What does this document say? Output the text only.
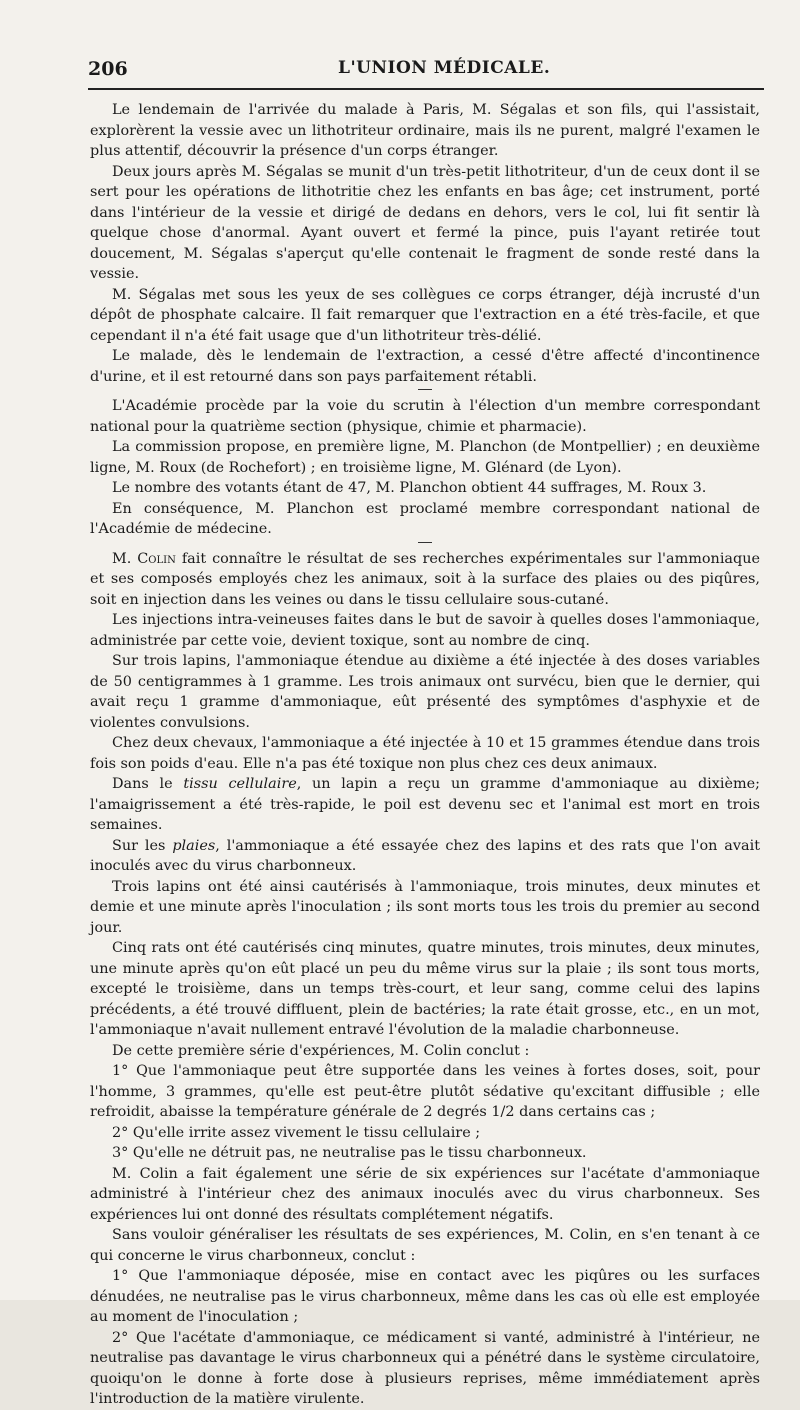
206	L'UNION MÉDICALE.

Le lendemain de l'arrivée du malade à Paris, M. Ségalas et son fils, qui l'assistait, explorèrent la vessie avec un lithotriteur ordinaire, mais ils ne purent, malgré l'examen le plus attentif, découvrir la présence d'un corps étranger.

Deux jours après M. Ségalas se munit d'un très-petit lithotriteur, d'un de ceux dont il se sert pour les opérations de lithotritie chez les enfants en bas âge; cet instrument, porté dans l'intérieur de la vessie et dirigé de dedans en dehors, vers le col, lui fit sentir là quelque chose d'anormal. Ayant ouvert et fermé la pince, puis l'ayant retirée tout doucement, M. Ségalas s'aperçut qu'elle contenait le fragment de sonde resté dans la vessie.

M. Ségalas met sous les yeux de ses collègues ce corps étranger, déjà incrusté d'un dépôt de phosphate calcaire. Il fait remarquer que l'extraction en a été très-facile, et que cependant il n'a été fait usage que d'un lithotriteur très-délié.

Le malade, dès le lendemain de l'extraction, a cessé d'être affecté d'incontinence d'urine, et il est retourné dans son pays parfaitement rétabli.

L'Académie procède par la voie du scrutin à l'élection d'un membre correspondant national pour la quatrième section (physique, chimie et pharmacie).

La commission propose, en première ligne, M. Planchon (de Montpellier) ; en deuxième ligne, M. Roux (de Rochefort) ; en troisième ligne, M. Glénard (de Lyon).

Le nombre des votants étant de 47, M. Planchon obtient 44 suffrages, M. Roux 3.

En conséquence, M. Planchon est proclamé membre correspondant national de l'Académie de médecine.

M. Colin fait connaître le résultat de ses recherches expérimentales sur l'ammoniaque et ses composés employés chez les animaux, soit à la surface des plaies ou des piqûres, soit en injection dans les veines ou dans le tissu cellulaire sous-cutané.

Les injections intra-veineuses faites dans le but de savoir à quelles doses l'ammoniaque, administrée par cette voie, devient toxique, sont au nombre de cinq.

Sur trois lapins, l'ammoniaque étendue au dixième a été injectée à des doses variables de 50 centigrammes à 1 gramme. Les trois animaux ont survécu, bien que le dernier, qui avait reçu 1 gramme d'ammoniaque, eût présenté des symptômes d'asphyxie et de violentes convulsions.

Chez deux chevaux, l'ammoniaque a été injectée à 10 et 15 grammes étendue dans trois fois son poids d'eau. Elle n'a pas été toxique non plus chez ces deux animaux.

Dans le tissu cellulaire, un lapin a reçu un gramme d'ammoniaque au dixième; l'amaigrissement a été très-rapide, le poil est devenu sec et l'animal est mort en trois semaines.

Sur les plaies, l'ammoniaque a été essayée chez des lapins et des rats que l'on avait inoculés avec du virus charbonneux.

Trois lapins ont été ainsi cautérisés à l'ammoniaque, trois minutes, deux minutes et demie et une minute après l'inoculation ; ils sont morts tous les trois du premier au second jour.

Cinq rats ont été cautérisés cinq minutes, quatre minutes, trois minutes, deux minutes, une minute après qu'on eût placé un peu du même virus sur la plaie ; ils sont tous morts, excepté le troisième, dans un temps très-court, et leur sang, comme celui des lapins précédents, a été trouvé diffluent, plein de bactéries; la rate était grosse, etc., en un mot, l'ammoniaque n'avait nullement entravé l'évolution de la maladie charbonneuse.

De cette première série d'expériences, M. Colin conclut :

1° Que l'ammoniaque peut être supportée dans les veines à fortes doses, soit, pour l'homme, 3 grammes, qu'elle est peut-être plutôt sédative qu'excitant diffusible ; elle refroidit, abaisse la température générale de 2 degrés 1/2 dans certains cas ;

2° Qu'elle irrite assez vivement le tissu cellulaire ;

3° Qu'elle ne détruit pas, ne neutralise pas le tissu charbonneux.

M. Colin a fait également une série de six expériences sur l'acétate d'ammoniaque administré à l'intérieur chez des animaux inoculés avec du virus charbonneux. Ses expériences lui ont donné des résultats complétement négatifs.

Sans vouloir généraliser les résultats de ses expériences, M. Colin, en s'en tenant à ce qui concerne le virus charbonneux, conclut :

1° Que l'ammoniaque déposée, mise en contact avec les piqûres ou les surfaces dénudées, ne neutralise pas le virus charbonneux, même dans les cas où elle est employée au moment de l'inoculation ;

2° Que l'acétate d'ammoniaque, ce médicament si vanté, administré à l'intérieur, ne neutralise pas davantage le virus charbonneux qui a pénétré dans le système circulatoire, quoiqu'on le donne à forte dose à plusieurs reprises, même immédiatement après l'introduction de la matière virulente.
